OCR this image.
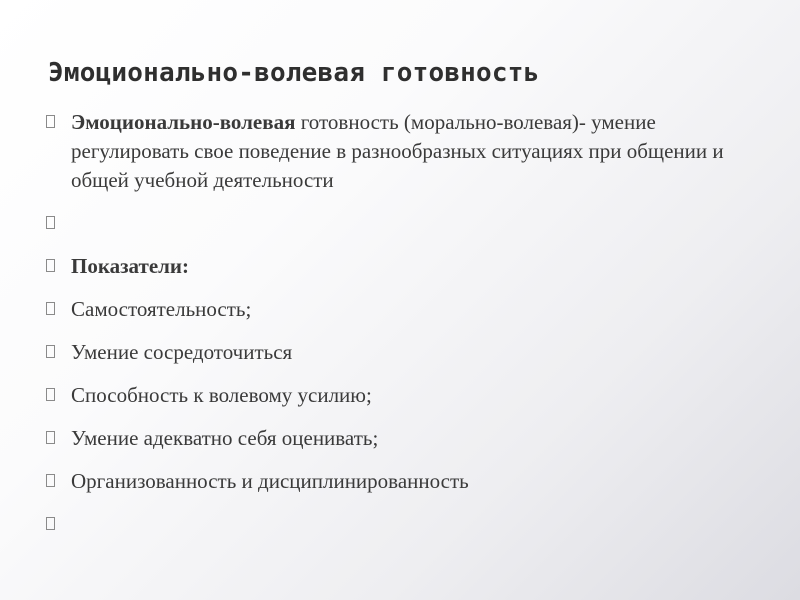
Эмоционально-волевая готовность
Эмоционально-волевая готовность (морально-волевая)- умение регулировать свое поведение в разнообразных ситуациях при общении и общей учебной деятельности
Показатели:
Самостоятельность;
Умение сосредоточиться
Способность к волевому усилию;
Умение адекватно себя оценивать;
Организованность и дисциплинированность
